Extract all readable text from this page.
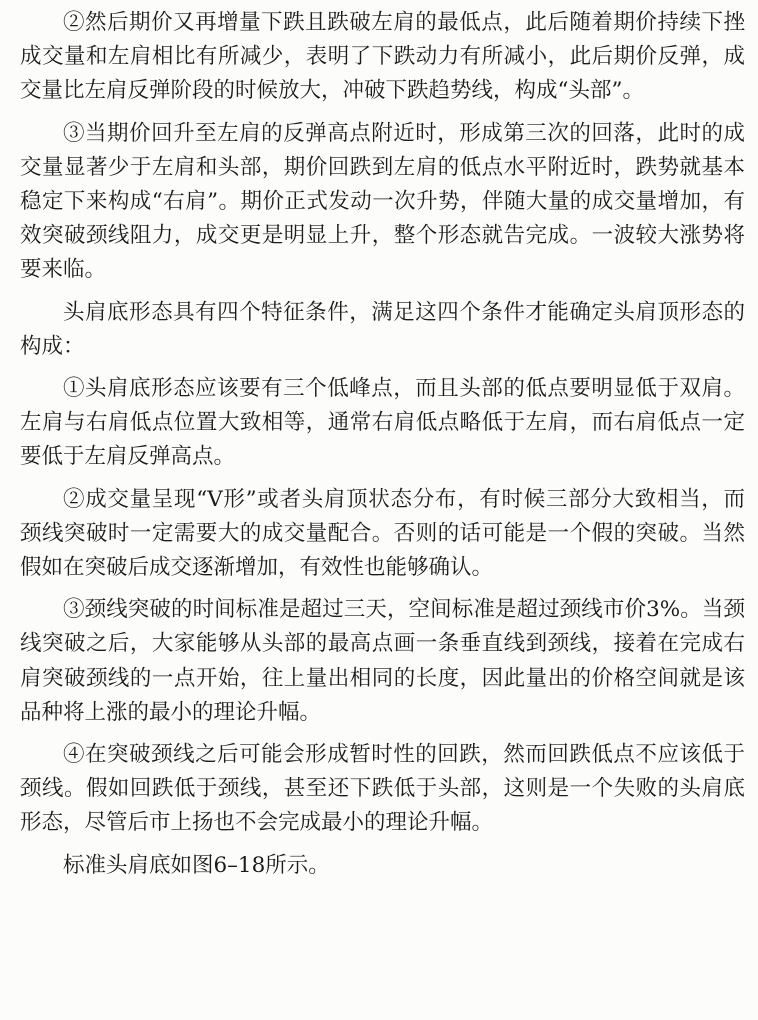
②然后期价又再增量下跌且跌破左肩的最低点，此后随着期价持续下挫成交量和左肩相比有所减少，表明了下跌动力有所减小，此后期价反弹，成交量比左肩反弹阶段的时候放大，冲破下跌趋势线，构成“头部”。

③当期价回升至左肩的反弹高点附近时，形成第三次的回落，此时的成交量显著少于左肩和头部，期价回跌到左肩的低点水平附近时，跌势就基本稳定下来构成“右肩”。期价正式发动一次升势，伴随大量的成交量增加，有效突破颈线阻力，成交更是明显上升，整个形态就告完成。一波较大涨势将要来临。

头肩底形态具有四个特征条件，满足这四个条件才能确定头肩顶形态的构成：

①头肩底形态应该要有三个低峰点，而且头部的低点要明显低于双肩。左肩与右肩低点位置大致相等，通常右肩低点略低于左肩，而右肩低点一定要低于左肩反弹高点。

②成交量呈现“V形”或者头肩顶状态分布，有时候三部分大致相当，而颈线突破时一定需要大的成交量配合。否则的话可能是一个假的突破。当然假如在突破后成交逐渐增加，有效性也能够确认。

③颈线突破的时间标准是超过三天，空间标准是超过颈线市价3%。当颈线突破之后，大家能够从头部的最高点画一条垂直线到颈线，接着在完成右肩突破颈线的一点开始，往上量出相同的长度，因此量出的价格空间就是该品种将上涨的最小的理论升幅。

④在突破颈线之后可能会形成暂时性的回跌，然而回跌低点不应该低于颈线。假如回跌低于颈线，甚至还下跌低于头部，这则是一个失败的头肩底形态，尽管后市上扬也不会完成最小的理论升幅。

标准头肩底如图6–18所示。
